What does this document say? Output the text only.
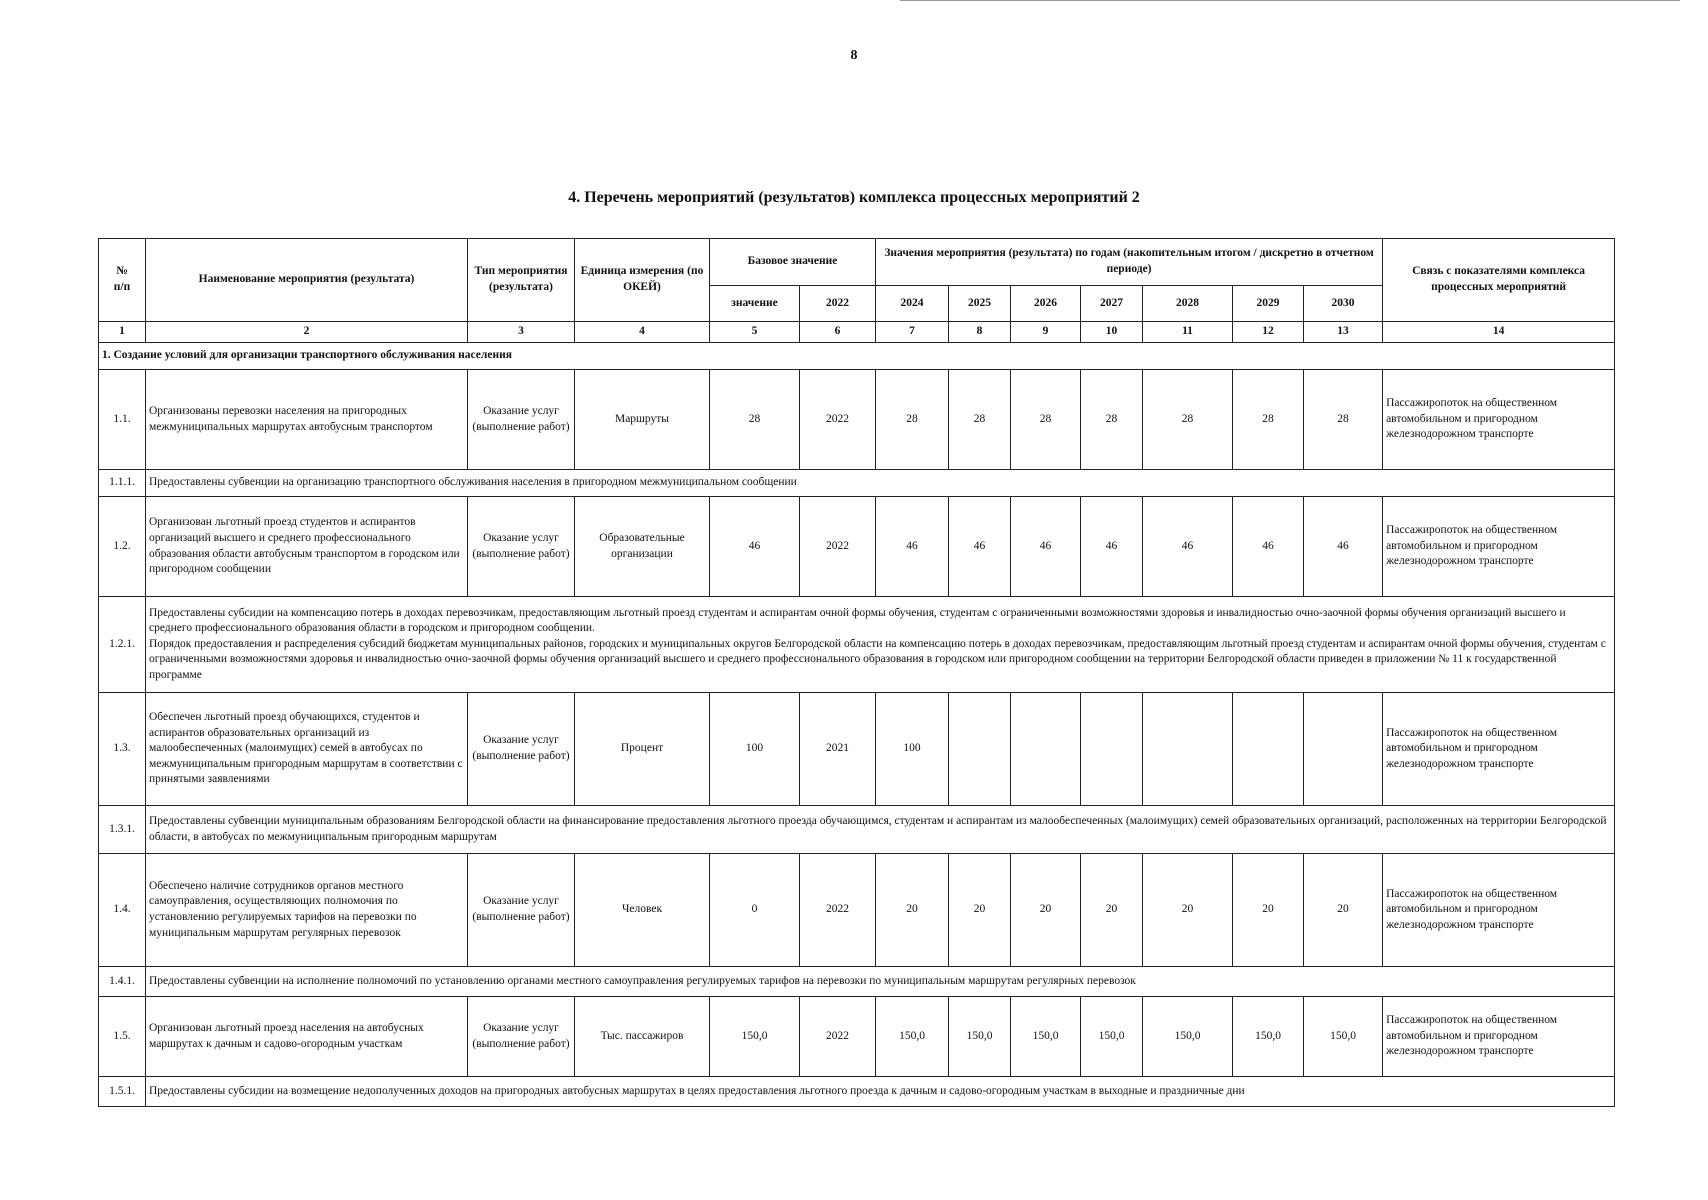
8
4. Перечень мероприятий (результатов) комплекса процессных мероприятий 2
№
п/п	Наименование мероприятия (результата)	Тип мероприятия (результата)	Единица измерения (по ОКЕЙ)	Базовое значение		Значения мероприятия (результата) по годам (накопительным итогом / дискретно в отчетном периоде)							Связь с показателями комплекса процессных мероприятий
				значение	2022	2024	2025	2026	2027	2028	2029	2030	
1	2	3	4	5	6	7	8	9	10	11	12	13	14
1. Создание условий для организации транспортного обслуживания населения													
1.1.	Организованы перевозки населения на пригородных межмуниципальных маршрутах автобусным транспортом	Оказание услуг (выполнение работ)	Маршруты	28	2022	28	28	28	28	28	28	28	Пассажиропоток на общественном автомобильном и пригородном железнодорожном транспорте
1.1.1.	Предоставлены субвенции на организацию транспортного обслуживания населения в пригородном межмуниципальном сообщении												

1.2.	Организован льготный проезд студентов и аспирантов организаций высшего и среднего профессионального образования области автобусным транспортом в городском или пригородном сообщении	Оказание услуг (выполнение работ)	Образовательные организации	46	2022	46	46	46	46	46	46	46	Пассажиропоток на общественном автомобильном и пригородном железнодорожном транспорте
1.2.1.	Предоставлены субсидии на компенсацию потерь в доходах перевозчикам, предоставляющим льготный проезд студентам и аспирантам очной формы обучения, студентам с ограниченными возможностями здоровья и инвалидностью очно-заочной формы обучения организаций высшего и среднего профессионального образования области в городском и пригородном сообщении.
Порядок предоставления и распределения субсидий бюджетам муниципальных районов, городских и муниципальных округов Белгородской области на компенсацию потерь в доходах перевозчикам, предоставляющим льготный проезд студентам и аспирантам очной формы обучения, студентам с ограниченными возможностями здоровья и инвалидностью очно-заочной формы обучения организаций высшего и среднего профессионального образования в городском или пригородном сообщении на территории Белгородской области приведен в приложении № 11 к государственной программе												

1.3.	Обеспечен льготный проезд обучающихся, студентов и аспирантов образовательных организаций из малообеспеченных (малоимущих) семей в автобусах по межмуниципальным пригородным маршрутам в соответствии с принятыми заявлениями	Оказание услуг (выполнение работ)	Процент	100	2021	100							Пассажиропоток на общественном автомобильном и пригородном железнодорожном транспорте
1.3.1.	Предоставлены субвенции муниципальным образованиям Белгородской области на финансирование предоставления льготного проезда обучающимся, студентам и аспирантам из малообеспеченных (малоимущих) семей образовательных организаций, расположенных на территории Белгородской области, в автобусах по межмуниципальным пригородным маршрутам												

1.4.	Обеспечено наличие сотрудников органов местного самоуправления, осуществляющих полномочия по установлению регулируемых тарифов на перевозки по муниципальным маршрутам регулярных перевозок	Оказание услуг (выполнение работ)	Человек	0	2022	20	20	20	20	20	20	20	Пассажиропоток на общественном автомобильном и пригородном железнодорожном транспорте
1.4.1.	Предоставлены субвенции на исполнение полномочий по установлению органами местного самоуправления регулируемых тарифов на перевозки по муниципальным маршрутам регулярных перевозок												

1.5.	Организован льготный проезд населения на автобусных маршрутах к дачным и садово-огородным участкам	Оказание услуг (выполнение работ)	Тыс. пассажиров	150,0	2022	150,0	150,0	150,0	150,0	150,0	150,0	150,0	Пассажиропоток на общественном автомобильном и пригородном железнодорожном транспорте
1.5.1.	Предоставлены субсидии на возмещение недополученных доходов на пригородных автобусных маршрутах в целях предоставления льготного проезда к дачным и садово-огородным участкам в выходные и праздничные дни												
